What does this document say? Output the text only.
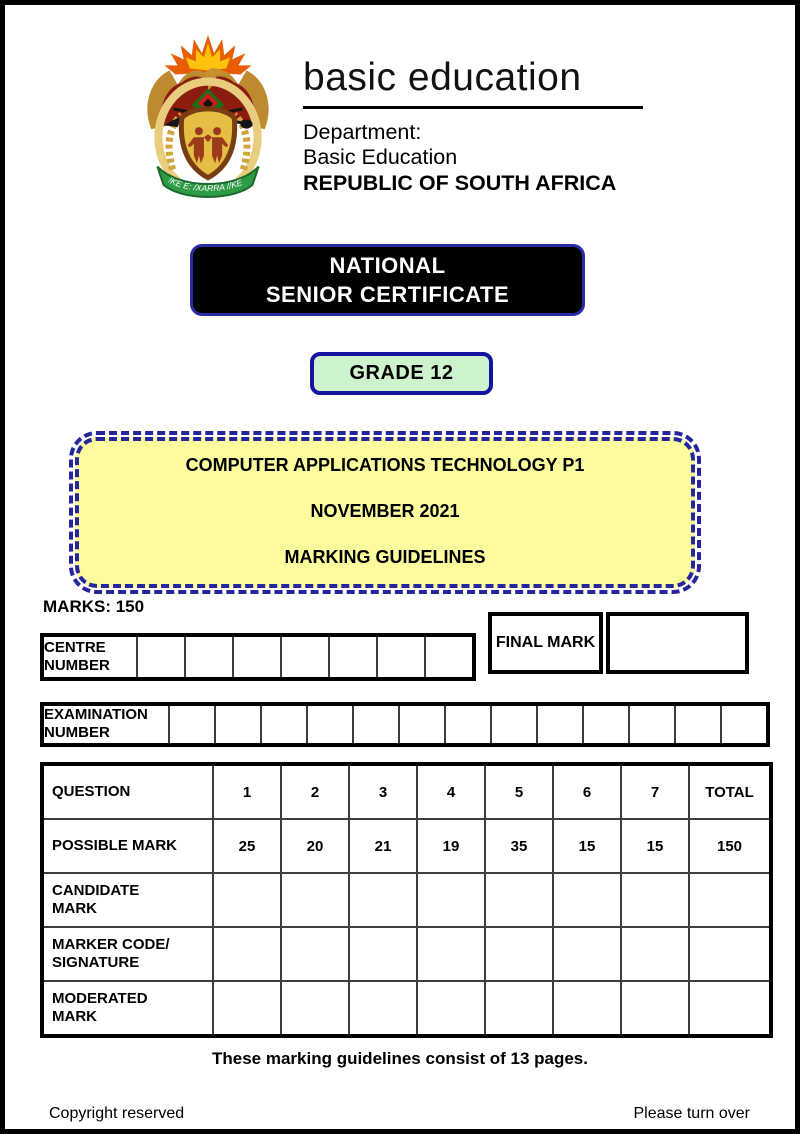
!KE E: /XARRA //KE
basic education
Department:
Basic Education
REPUBLIC OF SOUTH AFRICA
NATIONAL
SENIOR CERTIFICATE
GRADE 12

COMPUTER APPLICATIONS TECHNOLOGY P1

NOVEMBER 2021

MARKING GUIDELINES

MARKS: 150
CENTRE
NUMBER							
FINAL MARK
EXAMINATION
NUMBER													
QUESTION	1	2	3	4	5	6	7	TOTAL
POSSIBLE MARK	25	20	21	19	35	15	15	150
CANDIDATE
MARK								
MARKER CODE/
SIGNATURE								
MODERATED
MARK								
These marking guidelines consist of 13 pages.
Copyright reserved	Please turn over
